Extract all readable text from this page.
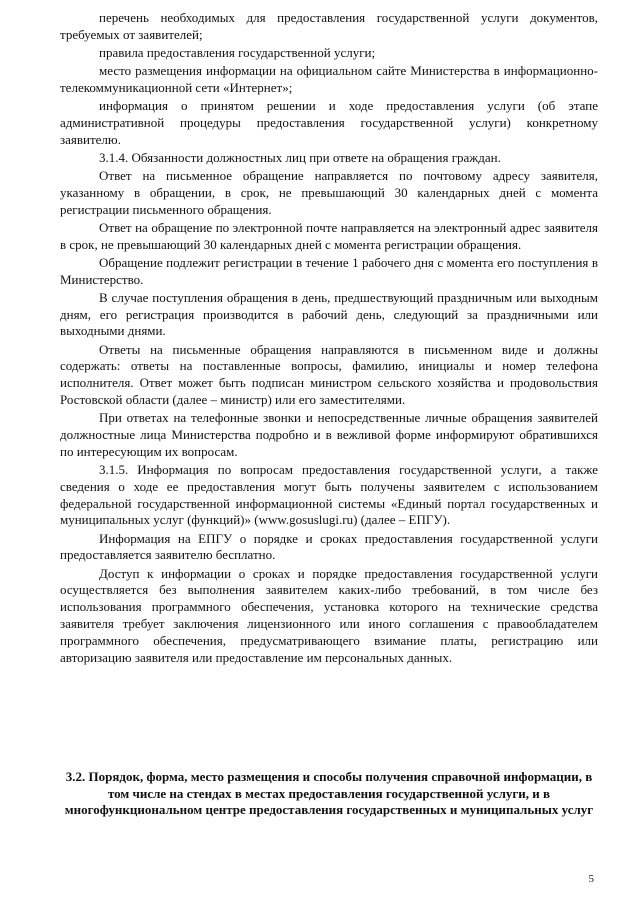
перечень необходимых для предоставления государственной услуги документов, требуемых от заявителей;

правила предоставления государственной услуги;

место размещения информации на официальном сайте Министерства в информационно-телекоммуникационной сети «Интернет»;

информация о принятом решении и ходе предоставления услуги (об этапе административной процедуры предоставления государственной услуги) конкретному заявителю.

3.1.4. Обязанности должностных лиц при ответе на обращения граждан.

Ответ на письменное обращение направляется по почтовому адресу заявителя, указанному в обращении, в срок, не превышающий 30 календарных дней с момента регистрации письменного обращения.

Ответ на обращение по электронной почте направляется на электронный адрес заявителя в срок, не превышающий 30 календарных дней с момента регистрации обращения.

Обращение подлежит регистрации в течение 1 рабочего дня с момента его поступления в Министерство.

В случае поступления обращения в день, предшествующий праздничным или выходным дням, его регистрация производится в рабочий день, следующий за праздничными или выходными днями.

Ответы на письменные обращения направляются в письменном виде и должны содержать: ответы на поставленные вопросы, фамилию, инициалы и номер телефона исполнителя. Ответ может быть подписан министром сельского хозяйства и продовольствия Ростовской области (далее – министр) или его заместителями.

При ответах на телефонные звонки и непосредственные личные обращения заявителей должностные лица Министерства подробно и в вежливой форме информируют обратившихся по интересующим их вопросам.

3.1.5. Информация по вопросам предоставления государственной услуги, а также сведения о ходе ее предоставления могут быть получены заявителем с использованием федеральной государственной информационной системы «Единый портал государственных и муниципальных услуг (функций)» (www.gosuslugi.ru) (далее – ЕПГУ).

Информация на ЕПГУ о порядке и сроках предоставления государственной услуги предоставляется заявителю бесплатно.

Доступ к информации о сроках и порядке предоставления государственной услуги осуществляется без выполнения заявителем каких-либо требований, в том числе без использования программного обеспечения, установка которого на технические средства заявителя требует заключения лицензионного или иного соглашения с правообладателем программного обеспечения, предусматривающего взимание платы, регистрацию или авторизацию заявителя или предоставление им персональных данных.

3.2. Порядок, форма, место размещения и способы получения справочной информации, в том числе на стендах в местах предоставления государственной услуги, и в многофункциональном центре предоставления государственных и муниципальных услуг
5
